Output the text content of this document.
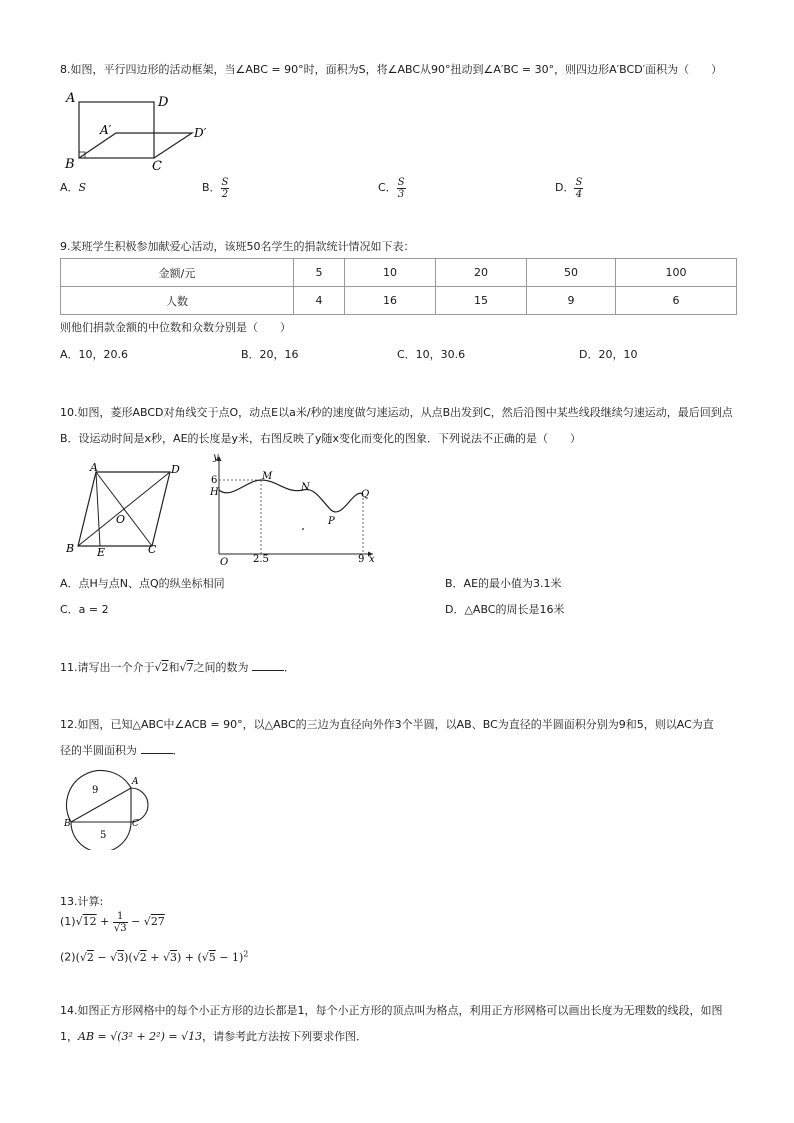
8.如图，平行四边形的活动框架，当∠ABC = 90°时，面积为S，将∠ABC从90°扭动到∠A′BC = 30°，则四边形A′BCD′面积为（　　）
A	D
A′	D′
B	C
A．S	B． $\frac{S}{2}$	C． $\frac{S}{3}$	D． $\frac{S}{4}$
9.某班学生积极参加献爱心活动，该班50名学生的捐款统计情况如下表：
金额/元	5	10	20	50	100
人数	4	16	15	9	6
则他们捐款金额的中位数和众数分别是（　　）
A．10，20.6	B．20，16	C．10，30.6	D．20，10
10.如图，菱形ABCD对角线交于点O，动点E以a米/秒的速度做匀速运动，从点B出发到C，然后沿图中某些线段继续匀速运动，最后回到点
B．设运动时间是x秒，AE的长度是y米，右图反映了y随x变化而变化的图象．下列说法不正确的是（　　）
A	D
O
B E	C
y
6
H
M
N
P
Q
O 2.5	9 x
A．点H与点N、点Q的纵坐标相同	B．AE的最小值为3.1米
C．a = 2	D．△ABC的周长是16米
11.请写出一个介于√2和√7之间的数为	．
12.如图，已知△ABC中∠ACB = 90°，以△ABC的三边为直径向外作3个半圆，以AB、BC为直径的半圆面积分别为9和5，则以AC为直
径的半圆面积为	．
A
B	C
9
5
13.计算:
$(1)√12 + \frac{1}{√3} - √27$
$(2)(√2 - √3)(√2 + √3) + (√5 - 1)^2$
14.如图正方形网格中的每个小正方形的边长都是1，每个小正方形的顶点叫为格点，利用正方形网格可以画出长度为无理数的线段，如图
1，AB = √(3² + 2²) = √13，请参考此方法按下列要求作图．
